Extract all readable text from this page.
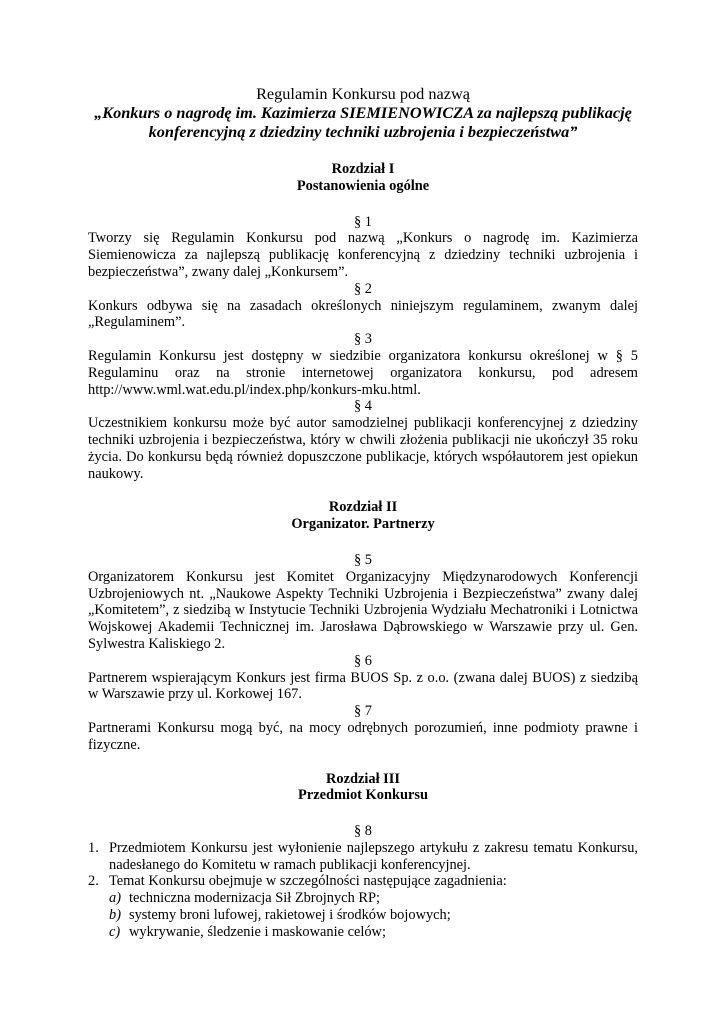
Regulamin Konkursu pod nazwą
„Konkurs o nagrodę im. Kazimierza SIEMIENOWICZA za najlepszą publikację konferencyjną z dziedziny techniki uzbrojenia i bezpieczeństwa”
Rozdział I
Postanowienia ogólne
§ 1
Tworzy się Regulamin Konkursu pod nazwą „Konkurs o nagrodę im. Kazimierza Siemienowicza za najlepszą publikację konferencyjną z dziedziny techniki uzbrojenia i bezpieczeństwa”, zwany dalej „Konkursem”.
§ 2
Konkurs odbywa się na zasadach określonych niniejszym regulaminem, zwanym dalej „Regulaminem”.
§ 3
Regulamin Konkursu jest dostępny w siedzibie organizatora konkursu określonej w § 5 Regulaminu oraz na stronie internetowej organizatora konkursu, pod adresem http://www.wml.wat.edu.pl/index.php/konkurs-mku.html.
§ 4
Uczestnikiem konkursu może być autor samodzielnej publikacji konferencyjnej z dziedziny techniki uzbrojenia i bezpieczeństwa, który w chwili złożenia publikacji nie ukończył 35 roku życia. Do konkursu będą również dopuszczone publikacje, których współautorem jest opiekun naukowy.
Rozdział II
Organizator. Partnerzy
§ 5
Organizatorem Konkursu jest Komitet Organizacyjny Międzynarodowych Konferencji Uzbrojeniowych nt. „Naukowe Aspekty Techniki Uzbrojenia i Bezpieczeństwa” zwany dalej „Komitetem”, z siedzibą w Instytucie Techniki Uzbrojenia Wydziału Mechatroniki i Lotnictwa Wojskowej Akademii Technicznej im. Jarosława Dąbrowskiego w Warszawie przy ul. Gen. Sylwestra Kaliskiego 2.
§ 6
Partnerem wspierającym Konkurs jest firma BUOS Sp. z o.o. (zwana dalej BUOS) z siedzibą w Warszawie przy ul. Korkowej 167.
§ 7
Partnerami Konkursu mogą być, na mocy odrębnych porozumień, inne podmioty prawne i fizyczne.
Rozdział III
Przedmiot Konkursu
§ 8
1. Przedmiotem Konkursu jest wyłonienie najlepszego artykułu z zakresu tematu Konkursu, nadesłanego do Komitetu w ramach publikacji konferencyjnej.
2. Temat Konkursu obejmuje w szczególności następujące zagadnienia:
a) techniczna modernizacja Sił Zbrojnych RP;
b) systemy broni lufowej, rakietowej i środków bojowych;
c) wykrywanie, śledzenie i maskowanie celów;
